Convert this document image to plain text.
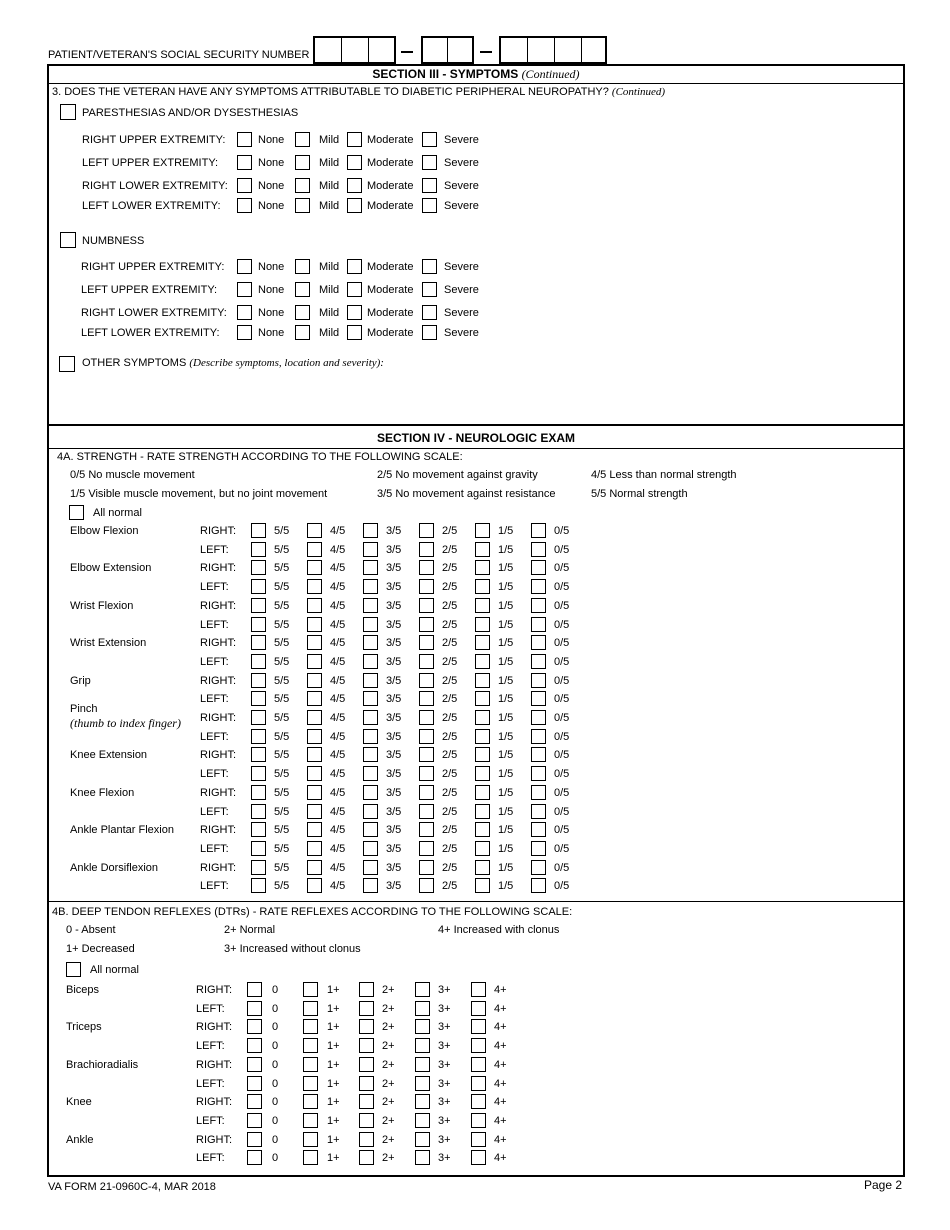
PATIENT/VETERAN'S SOCIAL SECURITY NUMBER
SECTION III - SYMPTOMS (Continued)
3. DOES THE VETERAN HAVE ANY SYMPTOMS ATTRIBUTABLE TO DIABETIC PERIPHERAL NEUROPATHY? (Continued)
PARESTHESIAS AND/OR DYSESTHESIAS
RIGHT UPPER EXTREMITY:	None	Mild	Moderate	Severe
LEFT UPPER EXTREMITY:	None	Mild	Moderate	Severe
RIGHT LOWER EXTREMITY:	None	Mild	Moderate	Severe
LEFT LOWER EXTREMITY:	None	Mild	Moderate	Severe
NUMBNESS
RIGHT UPPER EXTREMITY:	None	Mild	Moderate	Severe
LEFT UPPER EXTREMITY:	None	Mild	Moderate	Severe
RIGHT LOWER EXTREMITY:	None	Mild	Moderate	Severe
LEFT LOWER EXTREMITY:	None	Mild	Moderate	Severe
OTHER SYMPTOMS (Describe symptoms, location and severity):
SECTION IV - NEUROLOGIC EXAM
4A. STRENGTH - RATE STRENGTH ACCORDING TO THE FOLLOWING SCALE:
0/5 No muscle movement	2/5 No movement against gravity	4/5 Less than normal strength
1/5 Visible muscle movement, but no joint movement	3/5 No movement against resistance	5/5 Normal strength
All normal
Elbow Flexion	RIGHT:	5/5	4/5	3/5	2/5	1/5	0/5
LEFT:	5/5	4/5	3/5	2/5	1/5	0/5
Elbow Extension	RIGHT:	5/5	4/5	3/5	2/5	1/5	0/5
LEFT:	5/5	4/5	3/5	2/5	1/5	0/5
Wrist Flexion	RIGHT:	5/5	4/5	3/5	2/5	1/5	0/5
LEFT:	5/5	4/5	3/5	2/5	1/5	0/5
Wrist Extension	RIGHT:	5/5	4/5	3/5	2/5	1/5	0/5
LEFT:	5/5	4/5	3/5	2/5	1/5	0/5
Grip	RIGHT:	5/5	4/5	3/5	2/5	1/5	0/5
LEFT:	5/5	4/5	3/5	2/5	1/5	0/5
Pinch
(thumb to index finger) RIGHT:	5/5	4/5	3/5	2/5	1/5	0/5
LEFT:	5/5	4/5	3/5	2/5	1/5	0/5
Knee Extension	RIGHT:	5/5	4/5	3/5	2/5	1/5	0/5
LEFT:	5/5	4/5	3/5	2/5	1/5	0/5
Knee Flexion	RIGHT:	5/5	4/5	3/5	2/5	1/5	0/5
LEFT:	5/5	4/5	3/5	2/5	1/5	0/5
Ankle Plantar Flexion RIGHT:	5/5	4/5	3/5	2/5	1/5	0/5
LEFT:	5/5	4/5	3/5	2/5	1/5	0/5
Ankle Dorsiflexion	RIGHT:	5/5	4/5	3/5	2/5	1/5	0/5
LEFT:	5/5	4/5	3/5	2/5	1/5	0/5
4B. DEEP TENDON REFLEXES (DTRs) - RATE REFLEXES ACCORDING TO THE FOLLOWING SCALE:
0 - Absent	2+ Normal	4+ Increased with clonus
1+ Decreased	3+ Increased without clonus
All normal
Biceps	RIGHT:	0	1+	2+	3+	4+
LEFT:	0	1+	2+	3+	4+
Triceps	RIGHT:	0	1+	2+	3+	4+
LEFT:	0	1+	2+	3+	4+
Brachioradialis	RIGHT:	0	1+	2+	3+	4+
LEFT:	0	1+	2+	3+	4+
Knee	RIGHT:	0	1+	2+	3+	4+
LEFT:	0	1+	2+	3+	4+
Ankle	RIGHT:	0	1+	2+	3+	4+
LEFT:	0	1+	2+	3+	4+
VA FORM 21-0960C-4, MAR 2018	Page 2
